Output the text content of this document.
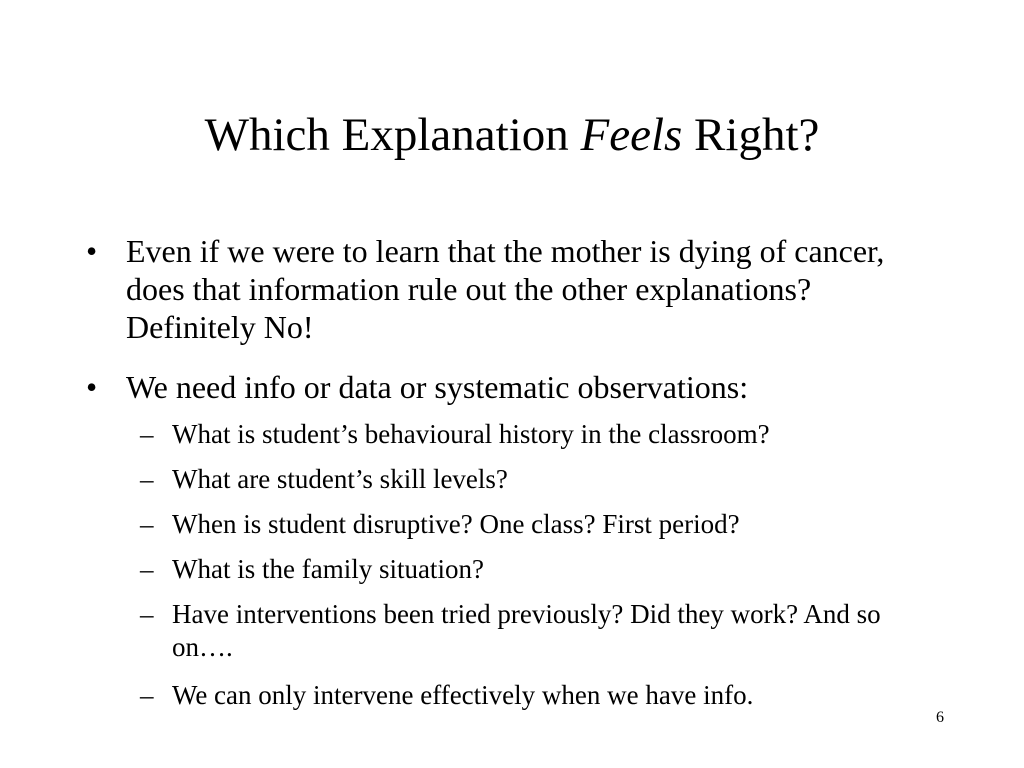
Which Explanation Feels Right?
• Even if we were to learn that the mother is dying of cancer, does that information rule out the other explanations? Definitely No!
• We need info or data or systematic observations:
– What is student’s behavioural history in the classroom?
– What are student’s skill levels?
– When is student disruptive? One class? First period?
– What is the family situation?
– Have interventions been tried previously? Did they work? And so on….
– We can only intervene effectively when we have info.
6
